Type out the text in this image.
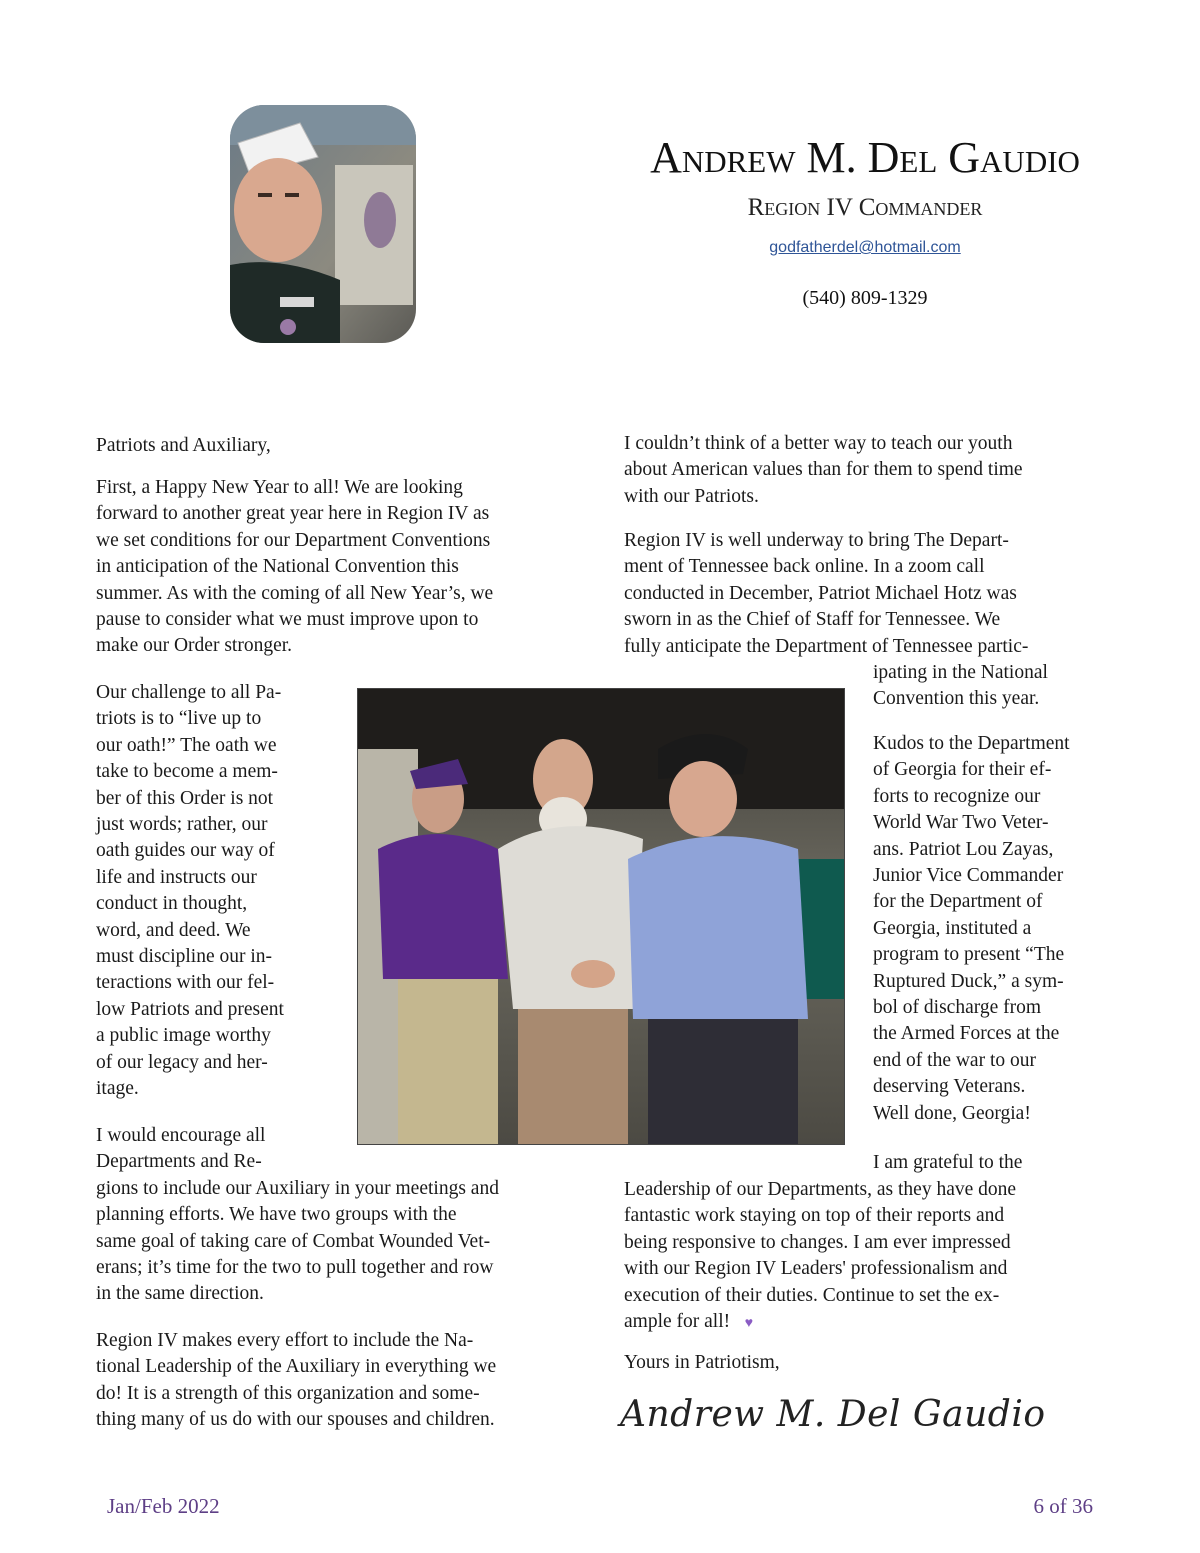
Andrew M. Del Gaudio
Region IV Commander
godfatherdel@hotmail.com
(540) 809-1329

Patriots and Auxiliary,

First, a Happy New Year to all! We are looking

forward to another great year here in Region IV as

we set conditions for our Department Conventions

in anticipation of the National Convention this

summer. As with the coming of all New Year’s, we

pause to consider what we must improve upon to

make our Order stronger.

Our challenge to all Pa-

triots is to “live up to

our oath!” The oath we

take to become a mem-

ber of this Order is not

just words; rather, our

oath guides our way of

life and instructs our

conduct in thought,

word, and deed. We

must discipline our in-

teractions with our fel-

low Patriots and present

a public image worthy

of our legacy and her-

itage.

I would encourage all

Departments and Re-

gions to include our Auxiliary in your meetings and

planning efforts. We have two groups with the

same goal of taking care of Combat Wounded Vet-

erans; it’s time for the two to pull together and row

in the same direction.

Region IV makes every effort to include the Na-

tional Leadership of the Auxiliary in everything we

do! It is a strength of this organization and some-

thing many of us do with our spouses and children.

I couldn’t think of a better way to teach our youth

about American values than for them to spend time

with our Patriots.

Region IV is well underway to bring The Depart-

ment of Tennessee back online. In a zoom call

conducted in December, Patriot Michael Hotz was

sworn in as the Chief of Staff for Tennessee. We

fully anticipate the Department of Tennessee partic-

ipating in the National

Convention this year.

Kudos to the Department

of Georgia for their ef-

forts to recognize our

World War Two Veter-

ans. Patriot Lou Zayas,

Junior Vice Commander

for the Department of

Georgia, instituted a

program to present “The

Ruptured Duck,” a sym-

bol of discharge from

the Armed Forces at the

end of the war to our

deserving Veterans.

Well done, Georgia!

I am grateful to the

Leadership of our Departments, as they have done

fantastic work staying on top of their reports and

being responsive to changes. I am ever impressed

with our Region IV Leaders' professionalism and

execution of their duties. Continue to set the ex-

ample for all! ♥

Yours in Patriotism,

Andrew M. Del Gaudio
Jan/Feb 2022	6 of 36
